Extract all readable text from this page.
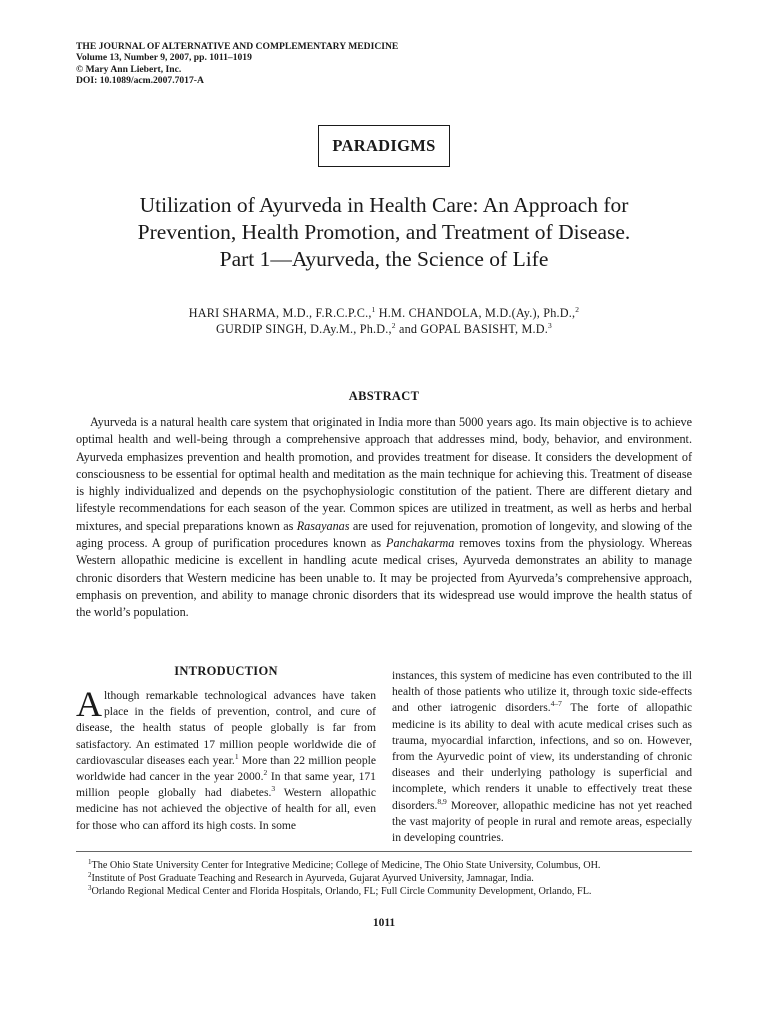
THE JOURNAL OF ALTERNATIVE AND COMPLEMENTARY MEDICINE
Volume 13, Number 9, 2007, pp. 1011–1019
© Mary Ann Liebert, Inc.
DOI: 10.1089/acm.2007.7017-A
PARADIGMS
Utilization of Ayurveda in Health Care: An Approach for
Prevention, Health Promotion, and Treatment of Disease.
Part 1—Ayurveda, the Science of Life
HARI SHARMA, M.D., F.R.C.P.C.,$^1$ H.M. CHANDOLA, M.D.(Ay.), Ph.D.,$^2$
GURDIP SINGH, D.Ay.M., Ph.D.,$^2$ and GOPAL BASISHT, M.D.$^3$
ABSTRACT

Ayurveda is a natural health care system that originated in India more than 5000 years ago. Its main objective is to achieve optimal health and well-being through a comprehensive approach that addresses mind, body, behavior, and environment. Ayurveda emphasizes prevention and health promotion, and provides treatment for disease. It considers the development of consciousness to be essential for optimal health and meditation as the main technique for achieving this. Treatment of disease is highly individualized and depends on the psychophysiologic constitution of the patient. There are different dietary and lifestyle recommendations for each season of the year. Common spices are utilized in treatment, as well as herbs and herbal mixtures, and special preparations known as Rasayanas are used for rejuvenation, promotion of longevity, and slowing of the aging process. A group of purification procedures known as Panchakarma removes toxins from the physiology. Whereas Western allopathic medicine is excellent in handling acute medical crises, Ayurveda demonstrates an ability to manage chronic disorders that Western medicine has been unable to. It may be projected from Ayurveda’s comprehensive approach, emphasis on prevention, and ability to manage chronic disorders that its widespread use would improve the health status of the world’s population.

INTRODUCTION

Although remarkable technological advances have taken place in the fields of prevention, control, and cure of disease, the health status of people globally is far from satisfactory. An estimated 17 million people worldwide die of cardiovascular diseases each year.$^1$ More than 22 million people worldwide had cancer in the year 2000.$^2$ In that same year, 171 million people globally had diabetes.$^3$ Western allopathic medicine has not achieved the objective of health for all, even for those who can afford its high costs. In some

instances, this system of medicine has even contributed to the ill health of those patients who utilize it, through toxic side-effects and other iatrogenic disorders.$^{4-7}$ The forte of allopathic medicine is its ability to deal with acute medical crises such as trauma, myocardial infarction, infections, and so on. However, from the Ayurvedic point of view, its understanding of chronic diseases and their underlying pathology is superficial and incomplete, which renders it unable to effectively treat these disorders.$^{8,9}$ Moreover, allopathic medicine has not yet reached the vast majority of people in rural and remote areas, especially in developing countries.

$^1$The Ohio State University Center for Integrative Medicine; College of Medicine, The Ohio State University, Columbus, OH.
$^2$Institute of Post Graduate Teaching and Research in Ayurveda, Gujarat Ayurved University, Jamnagar, India.
$^3$Orlando Regional Medical Center and Florida Hospitals, Orlando, FL; Full Circle Community Development, Orlando, FL.
1011
